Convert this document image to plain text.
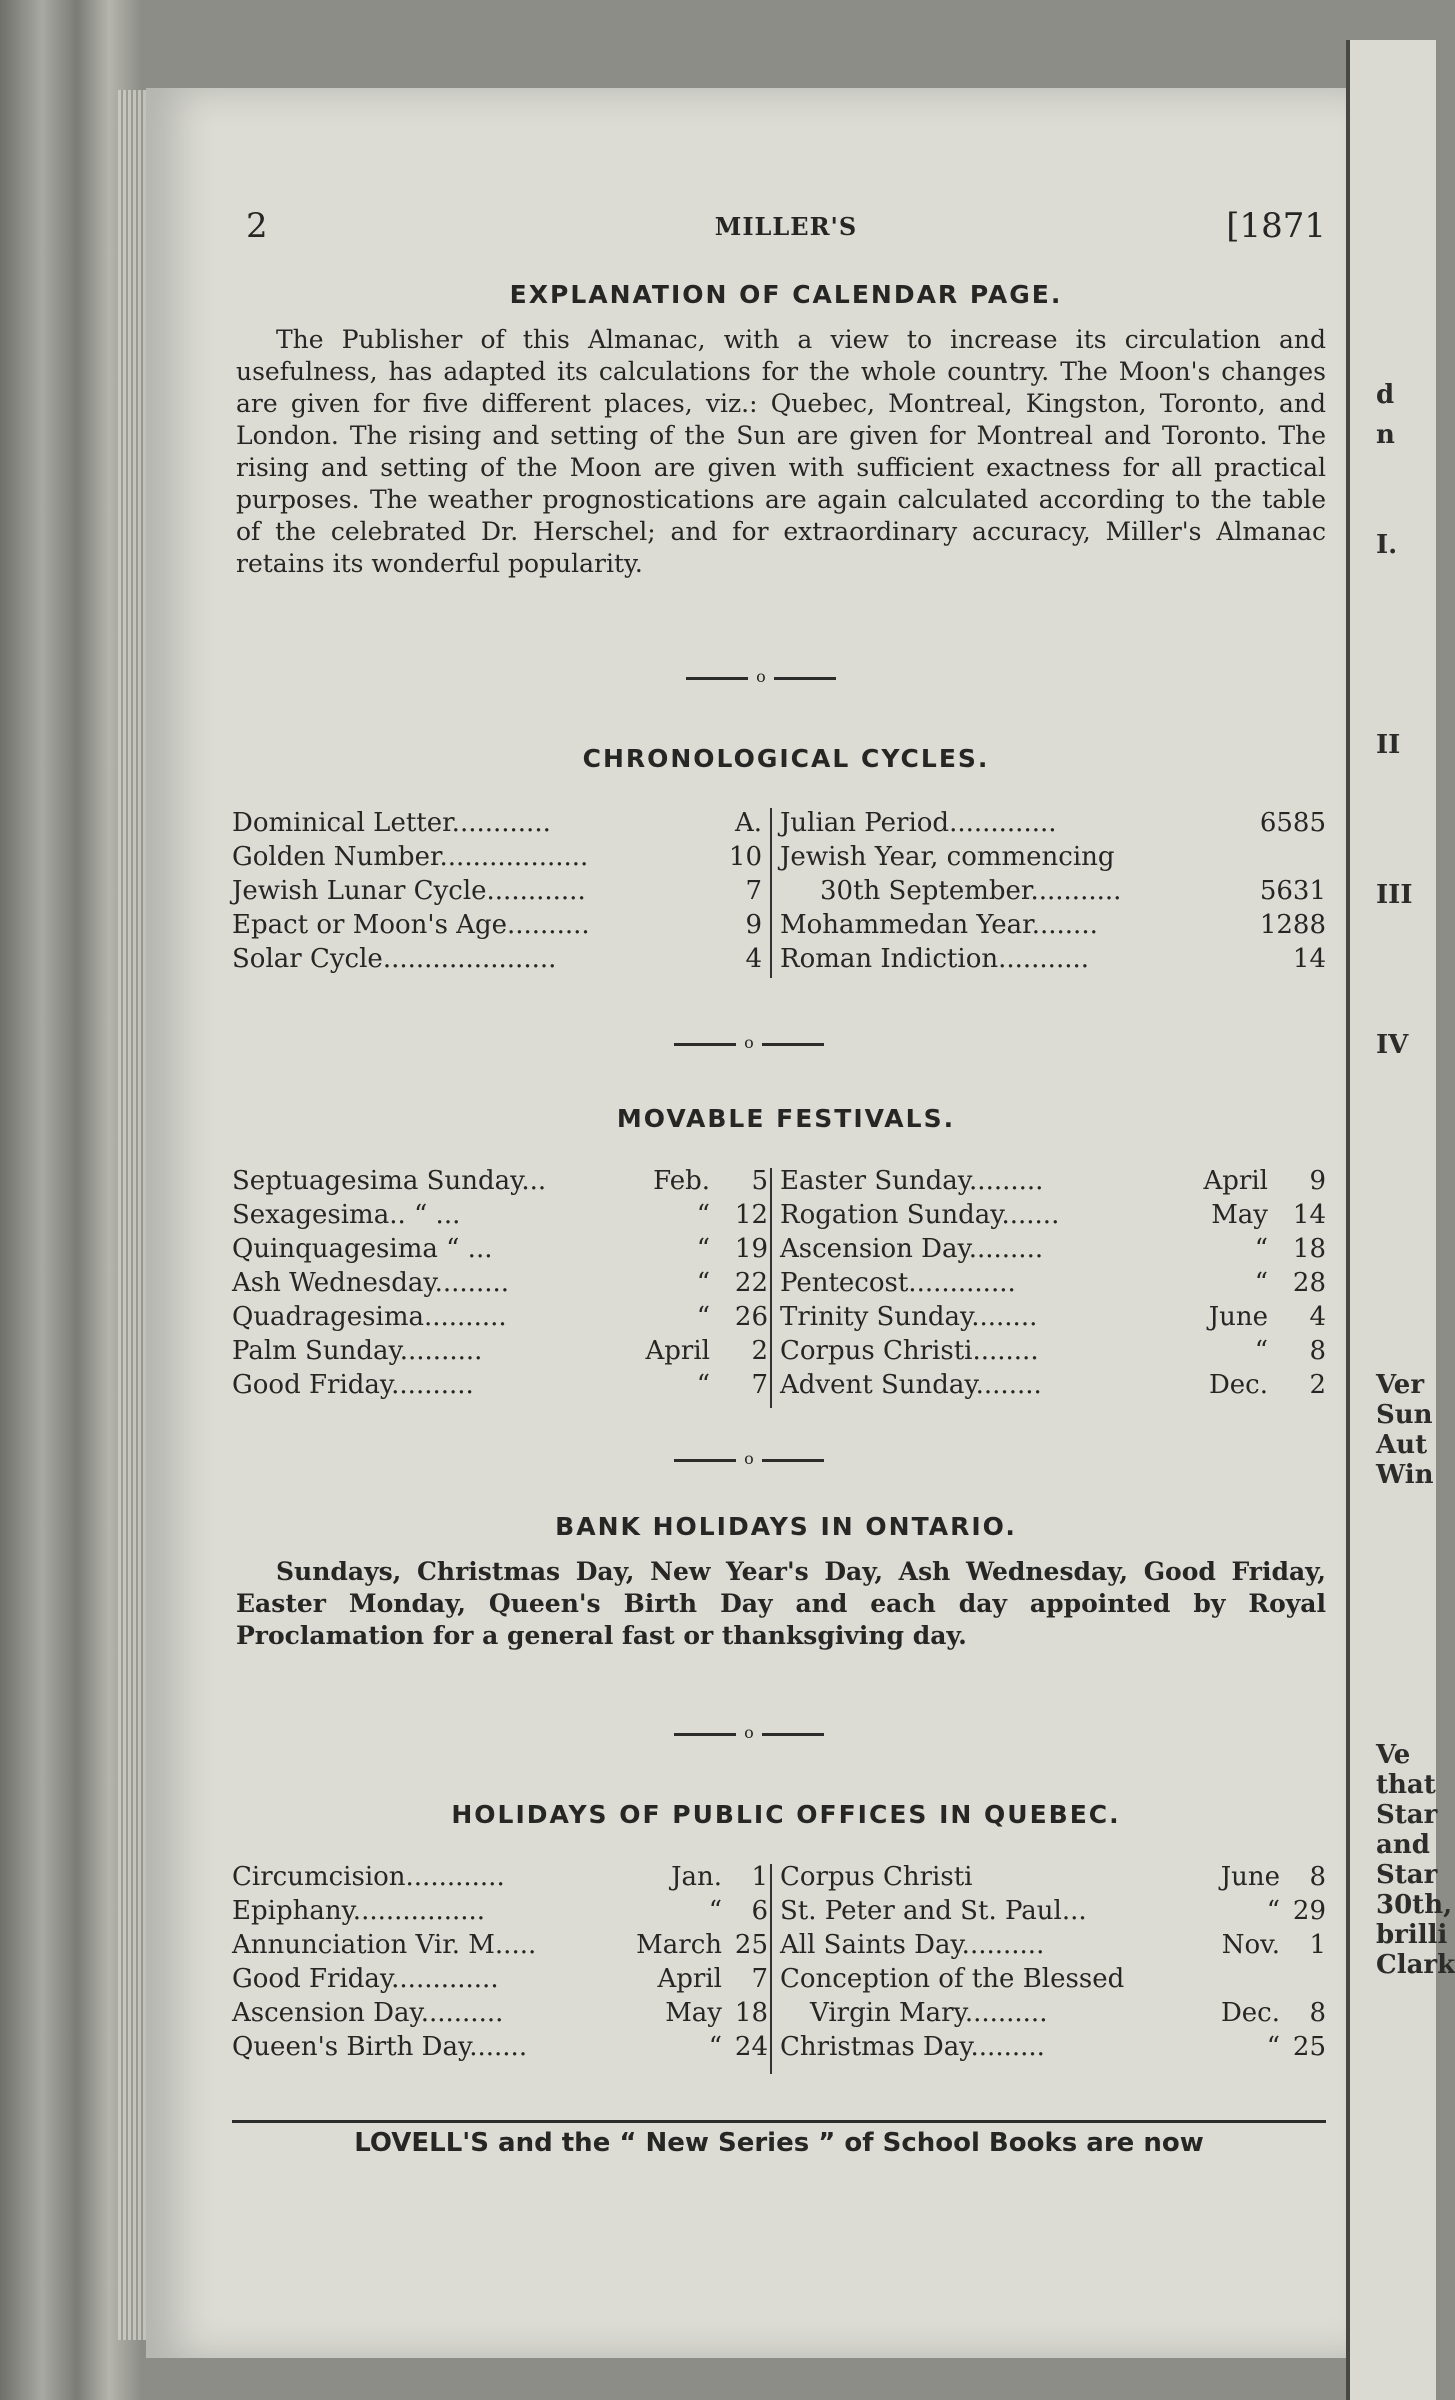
d
n
I.
II
III
IV
Ver
Sun
Aut
Win
Ve
that
Star
and
Star
30th,
brilli
Clark
2	MILLER'S	[1871
EXPLANATION OF CALENDAR PAGE.
The Publisher of this Almanac, with a view to increase its circulation and usefulness, has adapted its calculations for the whole country. The Moon's changes are given for five different places, viz.: Quebec, Montreal, Kingston, Toronto, and London. The rising and setting of the Sun are given for Montreal and Toronto. The rising and setting of the Moon are given with sufficient exactness for all practical purposes. The weather prognostications are again calculated according to the table of the celebrated Dr. Herschel; and for extraordinary accuracy, Miller's Almanac retains its wonderful popularity.
o
CHRONOLOGICAL CYCLES.
Dominical Letter............	A.
Golden Number..................	10
Jewish Lunar Cycle............	7
Epact or Moon's Age..........	9
Solar Cycle.....................	4
Julian Period.............	6585
Jewish Year, commencing
30th September...........	5631
Mohammedan Year........	1288
Roman Indiction...........	14
o
MOVABLE FESTIVALS.
Septuagesima Sunday...	Feb. 5
Sexagesima.. “ ...	“ 12
Quinquagesima “ ...	“ 19
Ash Wednesday.........	“ 22
Quadragesima..........	“ 26
Palm Sunday..........	April 2
Good Friday..........	“ 7
Easter Sunday.........	April 9
Rogation Sunday.......	May 14
Ascension Day.........	“ 18
Pentecost.............	“ 28
Trinity Sunday........	June 4
Corpus Christi........	“ 8
Advent Sunday........	Dec. 2
o
BANK HOLIDAYS IN ONTARIO.
Sundays, Christmas Day, New Year's Day, Ash Wednesday, Good Friday, Easter Monday, Queen's Birth Day and each day appointed by Royal Proclamation for a general fast or thanksgiving day.
o
HOLIDAYS OF PUBLIC OFFICES IN QUEBEC.
Circumcision............	Jan. 1
Epiphany................	“ 6
Annunciation Vir. M.....	March 25
Good Friday.............	April 7
Ascension Day..........	May 18
Queen's Birth Day.......	“ 24
Corpus Christi	June 8
St. Peter and St. Paul...	“ 29
All Saints Day..........	Nov. 1
Conception of the Blessed
Virgin Mary..........	Dec. 8
Christmas Day.........	“ 25
LOVELL'S and the “ New Series ” of School Books are now
